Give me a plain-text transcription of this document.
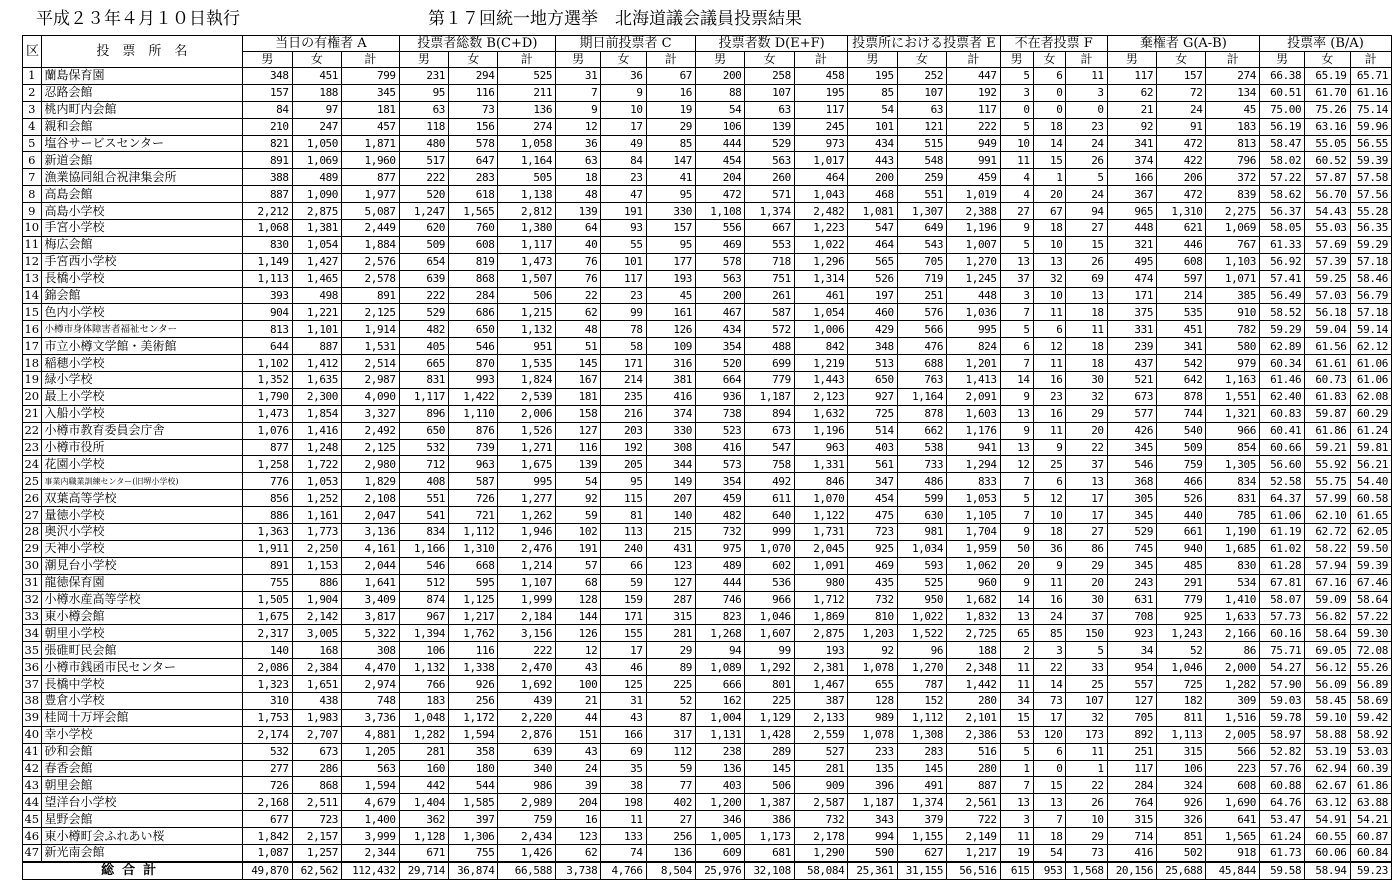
平成２３年４月１０日執行	第１７回統一地方選挙　北海道議会議員投票結果
区	投　票　所　名	当日の有権者 A			投票者総数 B(C+D)			期日前投票者 C			投票者数 D(E+F)			投票所における投票者 E			不在者投票 F			棄権者 G(A-B)			投票率 (B/A)		
		男	女	計	男	女	計	男	女	計	男	女	計	男	女	計	男	女	計	男	女	計	男	女	計
1	蘭島保育園	348	451	799	231	294	525	31	36	67	200	258	458	195	252	447	5	6	11	117	157	274	66.38	65.19	65.71
2	忍路会館	157	188	345	95	116	211	7	9	16	88	107	195	85	107	192	3	0	3	62	72	134	60.51	61.70	61.16
3	桃内町内会館	84	97	181	63	73	136	9	10	19	54	63	117	54	63	117	0	0	0	21	24	45	75.00	75.26	75.14
4	親和会館	210	247	457	118	156	274	12	17	29	106	139	245	101	121	222	5	18	23	92	91	183	56.19	63.16	59.96
5	塩谷サービスセンター	821	1,050	1,871	480	578	1,058	36	49	85	444	529	973	434	515	949	10	14	24	341	472	813	58.47	55.05	56.55
6	新道会館	891	1,069	1,960	517	647	1,164	63	84	147	454	563	1,017	443	548	991	11	15	26	374	422	796	58.02	60.52	59.39
7	漁業協同組合祝津集会所	388	489	877	222	283	505	18	23	41	204	260	464	200	259	459	4	1	5	166	206	372	57.22	57.87	57.58
8	高島会館	887	1,090	1,977	520	618	1,138	48	47	95	472	571	1,043	468	551	1,019	4	20	24	367	472	839	58.62	56.70	57.56
9	高島小学校	2,212	2,875	5,087	1,247	1,565	2,812	139	191	330	1,108	1,374	2,482	1,081	1,307	2,388	27	67	94	965	1,310	2,275	56.37	54.43	55.28
10	手宮小学校	1,068	1,381	2,449	620	760	1,380	64	93	157	556	667	1,223	547	649	1,196	9	18	27	448	621	1,069	58.05	55.03	56.35
11	梅広会館	830	1,054	1,884	509	608	1,117	40	55	95	469	553	1,022	464	543	1,007	5	10	15	321	446	767	61.33	57.69	59.29
12	手宮西小学校	1,149	1,427	2,576	654	819	1,473	76	101	177	578	718	1,296	565	705	1,270	13	13	26	495	608	1,103	56.92	57.39	57.18
13	長橋小学校	1,113	1,465	2,578	639	868	1,507	76	117	193	563	751	1,314	526	719	1,245	37	32	69	474	597	1,071	57.41	59.25	58.46
14	錦会館	393	498	891	222	284	506	22	23	45	200	261	461	197	251	448	3	10	13	171	214	385	56.49	57.03	56.79
15	色内小学校	904	1,221	2,125	529	686	1,215	62	99	161	467	587	1,054	460	576	1,036	7	11	18	375	535	910	58.52	56.18	57.18
16	小樽市身体障害者福祉センター	813	1,101	1,914	482	650	1,132	48	78	126	434	572	1,006	429	566	995	5	6	11	331	451	782	59.29	59.04	59.14
17	市立小樽文学館・美術館	644	887	1,531	405	546	951	51	58	109	354	488	842	348	476	824	6	12	18	239	341	580	62.89	61.56	62.12
18	稲穂小学校	1,102	1,412	2,514	665	870	1,535	145	171	316	520	699	1,219	513	688	1,201	7	11	18	437	542	979	60.34	61.61	61.06
19	緑小学校	1,352	1,635	2,987	831	993	1,824	167	214	381	664	779	1,443	650	763	1,413	14	16	30	521	642	1,163	61.46	60.73	61.06
20	最上小学校	1,790	2,300	4,090	1,117	1,422	2,539	181	235	416	936	1,187	2,123	927	1,164	2,091	9	23	32	673	878	1,551	62.40	61.83	62.08
21	入船小学校	1,473	1,854	3,327	896	1,110	2,006	158	216	374	738	894	1,632	725	878	1,603	13	16	29	577	744	1,321	60.83	59.87	60.29
22	小樽市教育委員会庁舎	1,076	1,416	2,492	650	876	1,526	127	203	330	523	673	1,196	514	662	1,176	9	11	20	426	540	966	60.41	61.86	61.24
23	小樽市役所	877	1,248	2,125	532	739	1,271	116	192	308	416	547	963	403	538	941	13	9	22	345	509	854	60.66	59.21	59.81
24	花園小学校	1,258	1,722	2,980	712	963	1,675	139	205	344	573	758	1,331	561	733	1,294	12	25	37	546	759	1,305	56.60	55.92	56.21
25	事業内職業訓練センター(旧堺小学校)	776	1,053	1,829	408	587	995	54	95	149	354	492	846	347	486	833	7	6	13	368	466	834	52.58	55.75	54.40
26	双葉高等学校	856	1,252	2,108	551	726	1,277	92	115	207	459	611	1,070	454	599	1,053	5	12	17	305	526	831	64.37	57.99	60.58
27	量徳小学校	886	1,161	2,047	541	721	1,262	59	81	140	482	640	1,122	475	630	1,105	7	10	17	345	440	785	61.06	62.10	61.65
28	奥沢小学校	1,363	1,773	3,136	834	1,112	1,946	102	113	215	732	999	1,731	723	981	1,704	9	18	27	529	661	1,190	61.19	62.72	62.05
29	天神小学校	1,911	2,250	4,161	1,166	1,310	2,476	191	240	431	975	1,070	2,045	925	1,034	1,959	50	36	86	745	940	1,685	61.02	58.22	59.50
30	潮見台小学校	891	1,153	2,044	546	668	1,214	57	66	123	489	602	1,091	469	593	1,062	20	9	29	345	485	830	61.28	57.94	59.39
31	龍徳保育園	755	886	1,641	512	595	1,107	68	59	127	444	536	980	435	525	960	9	11	20	243	291	534	67.81	67.16	67.46
32	小樽水産高等学校	1,505	1,904	3,409	874	1,125	1,999	128	159	287	746	966	1,712	732	950	1,682	14	16	30	631	779	1,410	58.07	59.09	58.64
33	東小樽会館	1,675	2,142	3,817	967	1,217	2,184	144	171	315	823	1,046	1,869	810	1,022	1,832	13	24	37	708	925	1,633	57.73	56.82	57.22
34	朝里小学校	2,317	3,005	5,322	1,394	1,762	3,156	126	155	281	1,268	1,607	2,875	1,203	1,522	2,725	65	85	150	923	1,243	2,166	60.16	58.64	59.30
35	張碓町民会館	140	168	308	106	116	222	12	17	29	94	99	193	92	96	188	2	3	5	34	52	86	75.71	69.05	72.08
36	小樽市銭函市民センター	2,086	2,384	4,470	1,132	1,338	2,470	43	46	89	1,089	1,292	2,381	1,078	1,270	2,348	11	22	33	954	1,046	2,000	54.27	56.12	55.26
37	長橋中学校	1,323	1,651	2,974	766	926	1,692	100	125	225	666	801	1,467	655	787	1,442	11	14	25	557	725	1,282	57.90	56.09	56.89
38	豊倉小学校	310	438	748	183	256	439	21	31	52	162	225	387	128	152	280	34	73	107	127	182	309	59.03	58.45	58.69
39	桂岡十万坪会館	1,753	1,983	3,736	1,048	1,172	2,220	44	43	87	1,004	1,129	2,133	989	1,112	2,101	15	17	32	705	811	1,516	59.78	59.10	59.42
40	幸小学校	2,174	2,707	4,881	1,282	1,594	2,876	151	166	317	1,131	1,428	2,559	1,078	1,308	2,386	53	120	173	892	1,113	2,005	58.97	58.88	58.92
41	砂和会館	532	673	1,205	281	358	639	43	69	112	238	289	527	233	283	516	5	6	11	251	315	566	52.82	53.19	53.03
42	春香会館	277	286	563	160	180	340	24	35	59	136	145	281	135	145	280	1	0	1	117	106	223	57.76	62.94	60.39
43	朝里会館	726	868	1,594	442	544	986	39	38	77	403	506	909	396	491	887	7	15	22	284	324	608	60.88	62.67	61.86
44	望洋台小学校	2,168	2,511	4,679	1,404	1,585	2,989	204	198	402	1,200	1,387	2,587	1,187	1,374	2,561	13	13	26	764	926	1,690	64.76	63.12	63.88
45	星野会館	677	723	1,400	362	397	759	16	11	27	346	386	732	343	379	722	3	7	10	315	326	641	53.47	54.91	54.21
46	東小樽町会ふれあい桜	1,842	2,157	3,999	1,128	1,306	2,434	123	133	256	1,005	1,173	2,178	994	1,155	2,149	11	18	29	714	851	1,565	61.24	60.55	60.87
47	新光南会館	1,087	1,257	2,344	671	755	1,426	62	74	136	609	681	1,290	590	627	1,217	19	54	73	416	502	918	61.73	60.06	60.84
総合計		49,870	62,562	112,432	29,714	36,874	66,588	3,738	4,766	8,504	25,976	32,108	58,084	25,361	31,155	56,516	615	953	1,568	20,156	25,688	45,844	59.58	58.94	59.23
